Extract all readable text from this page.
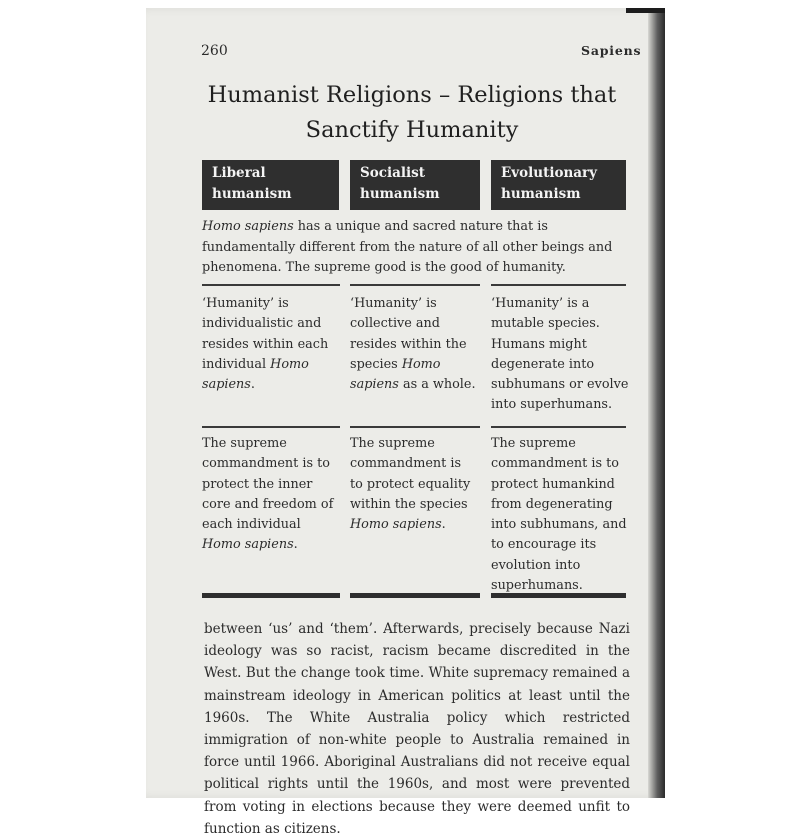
260	Sapiens
Humanist Religions – Religions that Sanctify Humanity
Liberal humanism
Socialist humanism
Evolutionary humanism
Homo sapiens has a unique and sacred nature that is fundamentally different from the nature of all other beings and phenomena. The supreme good is the good of humanity.
‘Humanity’ is individualistic and resides within each individual Homo sapiens.
‘Humanity’ is collective and resides within the species Homo sapiens as a whole.
‘Humanity’ is a mutable species. Humans might degenerate into subhumans or evolve into superhumans.
The supreme commandment is to protect the inner core and freedom of each individual Homo sapiens.
The supreme commandment is to protect equality within the species Homo sapiens.
The supreme commandment is to protect humankind from degenerating into subhumans, and to encourage its evolution into superhumans.
between ‘us’ and ‘them’. Afterwards, precisely because Nazi ideology was so racist, racism became discredited in the West. But the change took time. White supremacy remained a mainstream ideology in American politics at least until the 1960s. The White Australia policy which restricted immigration of non-white people to Australia remained in force until 1966. Aboriginal Australians did not receive equal political rights until the 1960s, and most were prevented from voting in elections because they were deemed unfit to function as citizens.
